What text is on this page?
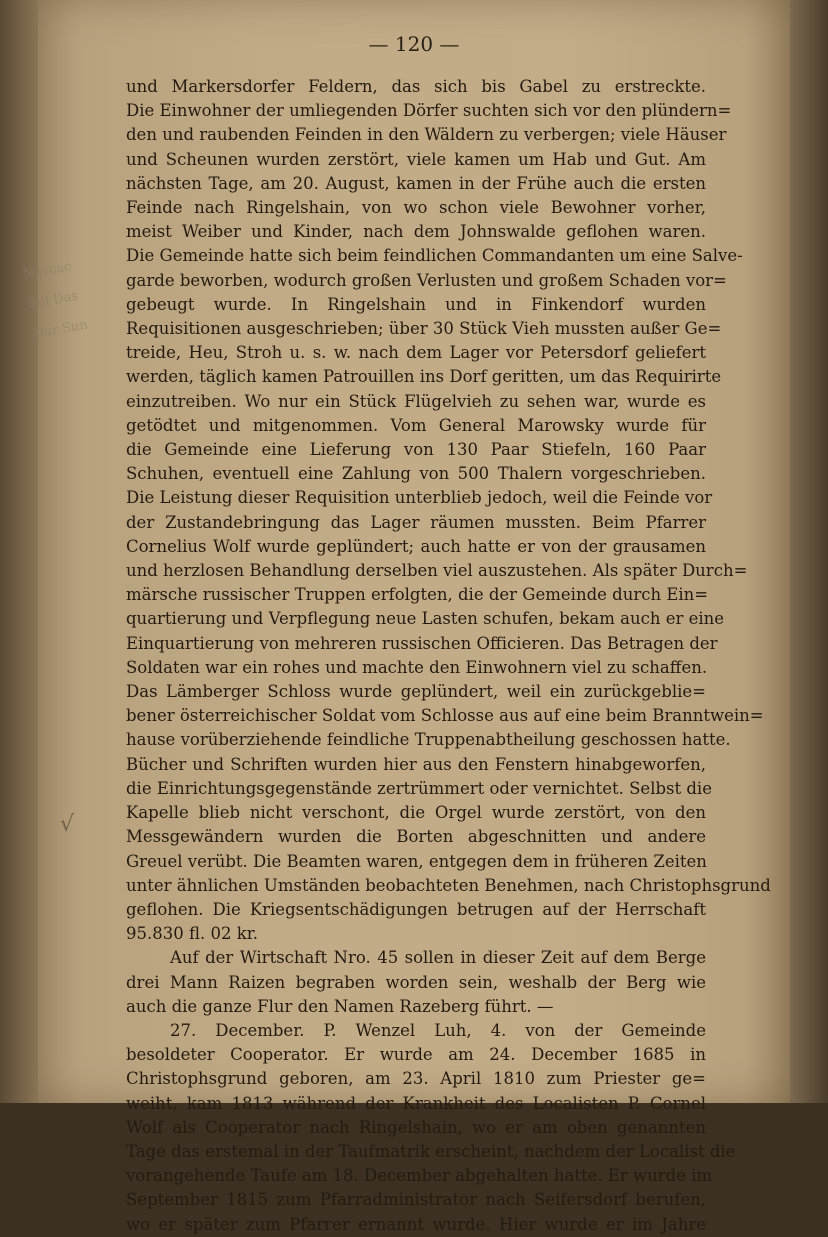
— 120 —
Navcac Sul Das Dur Sun
√
und Markersdorfer Feldern, das sich bis Gabel zu erstreckte.
Die Einwohner der umliegenden Dörfer suchten sich vor den plündern=
den und raubenden Feinden in den Wäldern zu verbergen; viele Häuser
und Scheunen wurden zerstört, viele kamen um Hab und Gut. Am
nächsten Tage, am 20. August, kamen in der Frühe auch die ersten
Feinde nach Ringelshain, von wo schon viele Bewohner vorher,
meist Weiber und Kinder, nach dem Johnswalde geflohen waren.
Die Gemeinde hatte sich beim feindlichen Commandanten um eine Salve-
garde beworben, wodurch großen Verlusten und großem Schaden vor=
gebeugt wurde. In Ringelshain und in Finkendorf wurden
Requisitionen ausgeschrieben; über 30 Stück Vieh mussten außer Ge=
treide, Heu, Stroh u. s. w. nach dem Lager vor Petersdorf geliefert
werden, täglich kamen Patrouillen ins Dorf geritten, um das Requirirte
einzutreiben. Wo nur ein Stück Flügelvieh zu sehen war, wurde es
getödtet und mitgenommen. Vom General Marowsky wurde für
die Gemeinde eine Lieferung von 130 Paar Stiefeln, 160 Paar
Schuhen, eventuell eine Zahlung von 500 Thalern vorgeschrieben.
Die Leistung dieser Requisition unterblieb jedoch, weil die Feinde vor
der Zustandebringung das Lager räumen mussten. Beim Pfarrer
Cornelius Wolf wurde geplündert; auch hatte er von der grausamen
und herzlosen Behandlung derselben viel auszustehen. Als später Durch=
märsche russischer Truppen erfolgten, die der Gemeinde durch Ein=
quartierung und Verpflegung neue Lasten schufen, bekam auch er eine
Einquartierung von mehreren russischen Officieren. Das Betragen der
Soldaten war ein rohes und machte den Einwohnern viel zu schaffen.
Das Lämberger Schloss wurde geplündert, weil ein zurückgeblie=
bener österreichischer Soldat vom Schlosse aus auf eine beim Branntwein=
hause vorüberziehende feindliche Truppenabtheilung geschossen hatte.
Bücher und Schriften wurden hier aus den Fenstern hinabgeworfen,
die Einrichtungsgegenstände zertrümmert oder vernichtet. Selbst die
Kapelle blieb nicht verschont, die Orgel wurde zerstört, von den
Messgewändern wurden die Borten abgeschnitten und andere
Greuel verübt. Die Beamten waren, entgegen dem in früheren Zeiten
unter ähnlichen Umständen beobachteten Benehmen, nach Christophsgrund
geflohen. Die Kriegsentschädigungen betrugen auf der Herrschaft
95.830 fl. 02 kr.
Auf der Wirtschaft Nro. 45 sollen in dieser Zeit auf dem Berge
drei Mann Raizen begraben worden sein, weshalb der Berg wie
auch die ganze Flur den Namen Razeberg führt. —
27. December. P. Wenzel Luh, 4. von der Gemeinde
besoldeter Cooperator. Er wurde am 24. December 1685 in
Christophsgrund geboren, am 23. April 1810 zum Priester ge=
weiht, kam 1813 während der Krankheit des Localisten P. Cornel
Wolf als Cooperator nach Ringelshain, wo er am oben genannten
Tage das erstemal in der Taufmatrik erscheint, nachdem der Localist die
vorangehende Taufe am 18. December abgehalten hatte. Er wurde im
September 1815 zum Pfarradministrator nach Seifersdorf berufen,
wo er später zum Pfarrer ernannt wurde. Hier wurde er im Jahre
